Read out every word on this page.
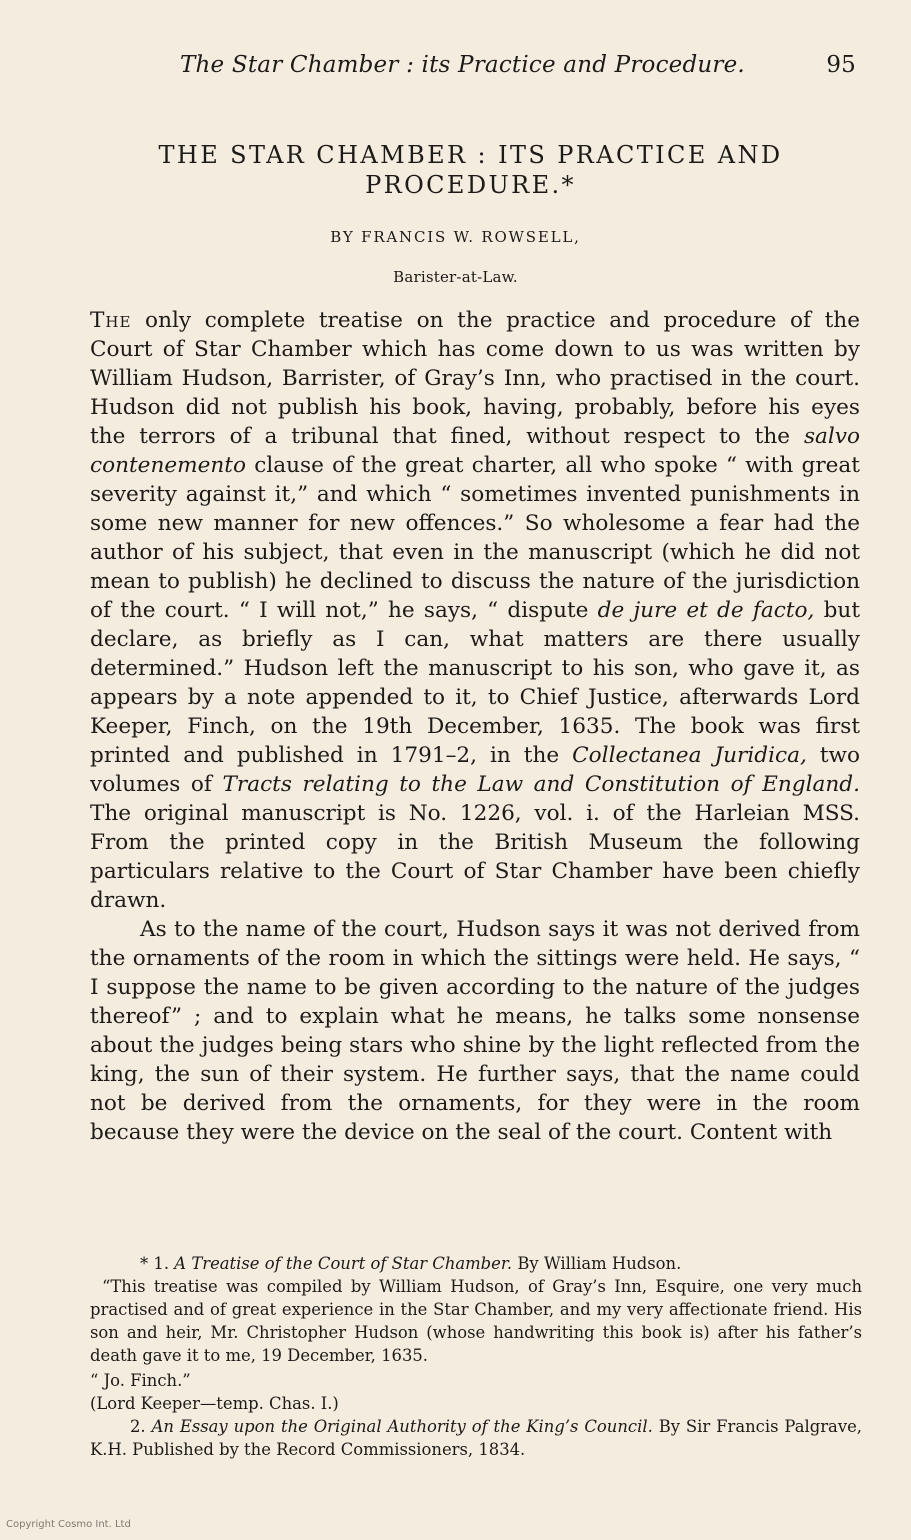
The Star Chamber : its Practice and Procedure.	95
THE STAR CHAMBER : ITS PRACTICE AND PROCEDURE.*
BY FRANCIS W. ROWSELL,
Barister-at-Law.

The only complete treatise on the practice and procedure of the Court of Star Chamber which has come down to us was written by William Hudson, Barrister, of Gray’s Inn, who practised in the court. Hudson did not publish his book, having, probably, before his eyes the terrors of a tribunal that fined, without respect to the salvo contenemento clause of the great charter, all who spoke “ with great severity against it,” and which “ sometimes invented punishments in some new manner for new offences.” So wholesome a fear had the author of his subject, that even in the manuscript (which he did not mean to publish) he declined to discuss the nature of the jurisdiction of the court. “ I will not,” he says, “ dispute de jure et de facto, but declare, as briefly as I can, what matters are there usually determined.” Hudson left the manuscript to his son, who gave it, as appears by a note appended to it, to Chief Justice, afterwards Lord Keeper, Finch, on the 19th December, 1635. The book was first printed and published in 1791–2, in the Collectanea Juridica, two volumes of Tracts relating to the Law and Constitution of England. The original manuscript is No. 1226, vol. i. of the Harleian MSS. From the printed copy in the British Museum the following particulars relative to the Court of Star Chamber have been chiefly drawn.

As to the name of the court, Hudson says it was not derived from the ornaments of the room in which the sittings were held. He says, “ I suppose the name to be given according to the nature of the judges thereof” ; and to explain what he means, he talks some nonsense about the judges being stars who shine by the light reflected from the king, the sun of their system. He further says, that the name could not be derived from the ornaments, for they were in the room because they were the device on the seal of the court. Content with

* 1. A Treatise of the Court of Star Chamber. By William Hudson.

“This treatise was compiled by William Hudson, of Gray’s Inn, Esquire, one very much practised and of great experience in the Star Chamber, and my very affectionate friend. His son and heir, Mr. Christopher Hudson (whose handwriting this book is) after his father’s death gave it to me, 19 December, 1635.

“ Jo. Finch.”

(Lord Keeper—temp. Chas. I.)

2. An Essay upon the Original Authority of the King’s Council. By Sir Francis Palgrave, K.H. Published by the Record Commissioners, 1834.

Copyright Cosmo Int. Ltd
